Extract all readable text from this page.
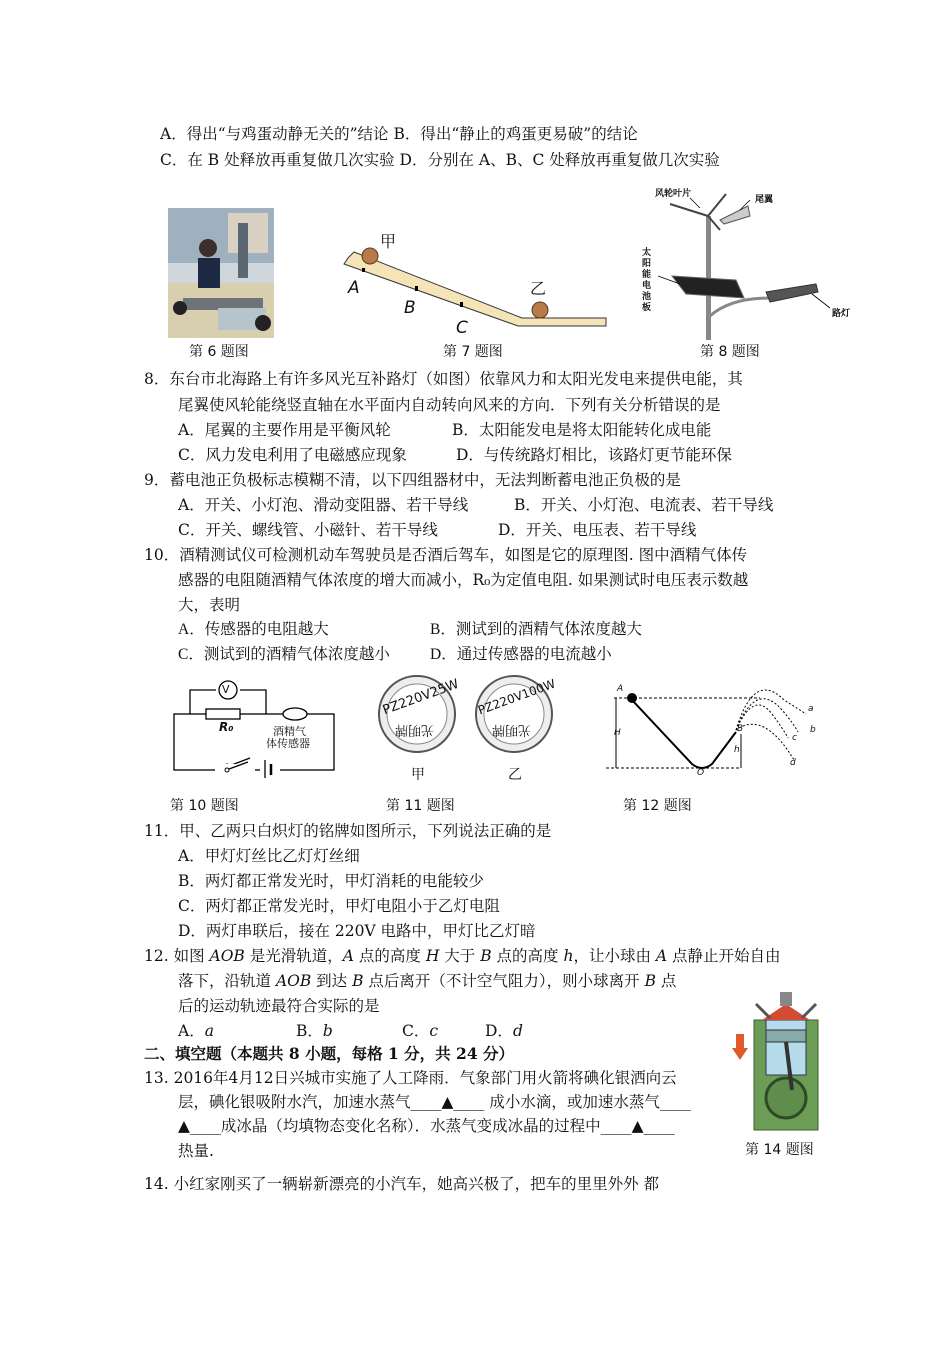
A．得出“与鸡蛋动静无关的”结论 B．得出“静止的鸡蛋更易破”的结论
C．在 B 处释放再重复做几次实验 D．分别在 A、B、C 处释放再重复做几次实验
第 6 题图
甲
乙
A
B
C
第 7 题图
风轮叶片
尾翼
太阳能电池板
路灯
第 8 题图
8．东台市北海路上有许多风光互补路灯（如图）依靠风力和太阳光发电来提供电能，其
尾翼使风轮能绕竖直轴在水平面内自动转向风来的方向．下列有关分析错误的是
A．尾翼的主要作用是平衡风轮	B．太阳能发电是将太阳能转化成电能
C．风力发电利用了电磁感应现象	D．与传统路灯相比，该路灯更节能环保
9．蓄电池正负极标志模糊不清，以下四组器材中，无法判断蓄电池正负极的是
A．开关、小灯泡、滑动变阻器、若干导线	B．开关、小灯泡、电流表、若干导线
C．开关、螺线管、小磁针、若干导线	D．开关、电压表、若干导线
10．酒精测试仪可检测机动车驾驶员是否酒后驾车，如图是它的原理图. 图中酒精气体传
感器的电阻随酒精气体浓度的增大而减小，R₀为定值电阻. 如果测试时电压表示数越
大，表明
A．传感器的电阻越大	B．测试到的酒精气体浓度越大
C．测试到的酒精气体浓度越小	D．通过传感器的电流越小
V
R₀	酒精气
体传感器
第 10 题图
PZ220V25W PZ220V100W
光明牌	光明牌
甲	乙
第 11 题图
A
B
O
H
h
a
b
c
d
第 12 题图
11．甲、乙两只白炽灯的铭牌如图所示，下列说法正确的是
A．甲灯灯丝比乙灯灯丝细
B．两灯都正常发光时，甲灯消耗的电能较少
C．两灯都正常发光时，甲灯电阻小于乙灯电阻
D．两灯串联后，接在 220V 电路中，甲灯比乙灯暗
12. 如图 AOB 是光滑轨道，A 点的高度 H 大于 B 点的高度 h，让小球由 A 点静止开始自由
落下，沿轨道 AOB 到达 B 点后离开（不计空气阻力），则小球离开 B 点
后的运动轨迹最符合实际的是
A．a	B．b	C．c	D．d
二、填空题（本题共 8 小题，每格 1 分，共 24 分）
13. 2016年4月12日兴城市实施了人工降雨．气象部门用火箭将碘化银洒向云
层，碘化银吸附水汽，加速水蒸气____▲____ 成小水滴，或加速水蒸气____
▲____成冰晶（均填物态变化名称）．水蒸气变成冰晶的过程中____▲____
热量.	第 14 题图
14. 小红家刚买了一辆崭新漂亮的小汽车，她高兴极了，把车的里里外外 都
